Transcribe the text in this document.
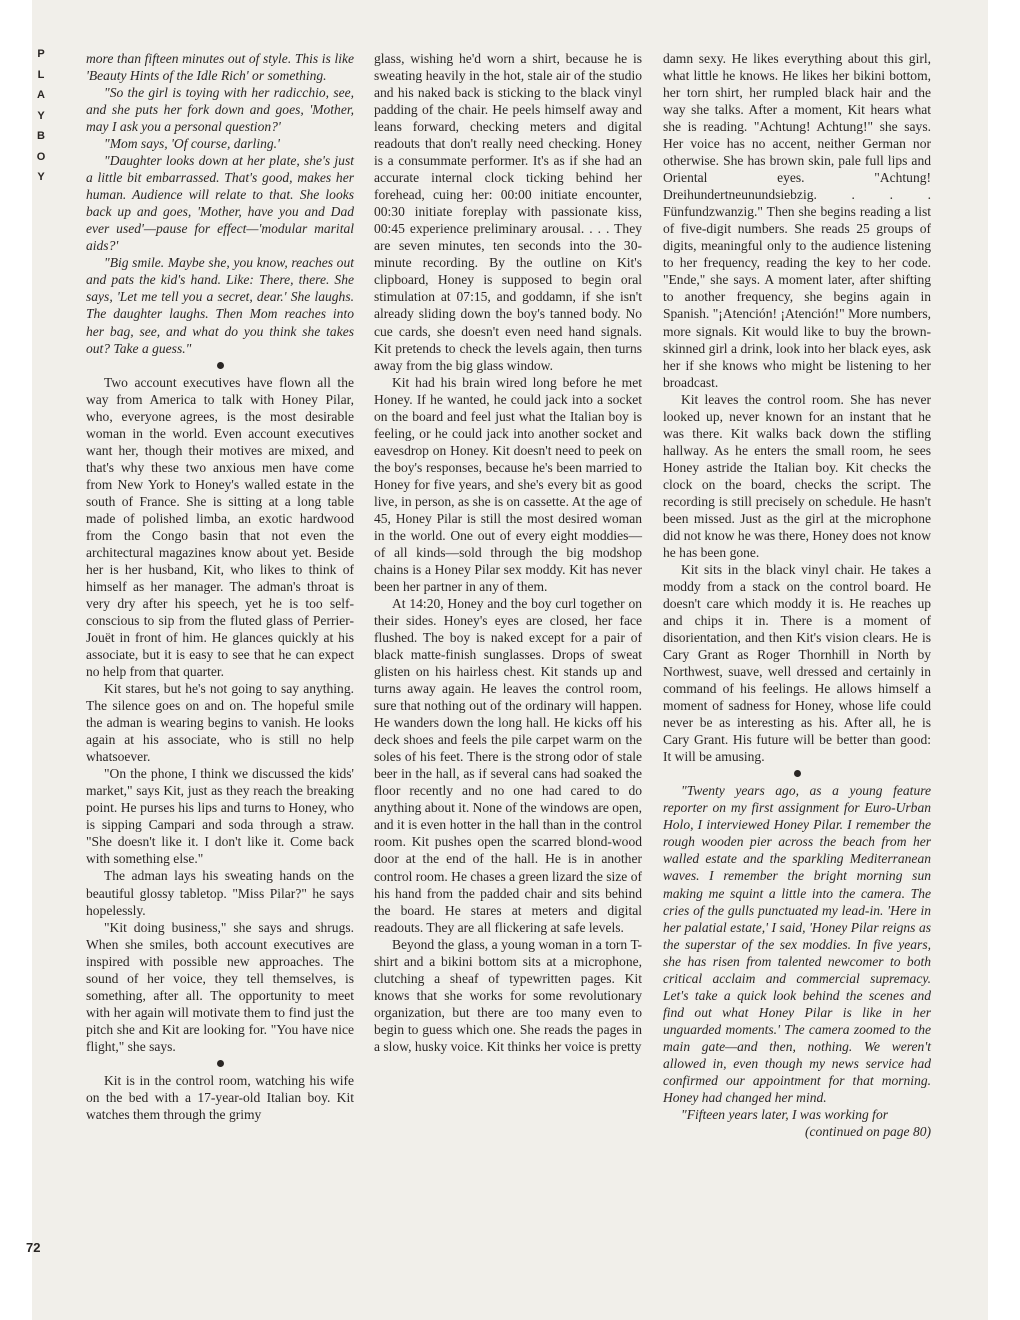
P
L
A
Y
B
O
Y
72

more than fifteen minutes out of style. This is like 'Beauty Hints of the Idle Rich' or something.

"So the girl is toying with her radicchio, see, and she puts her fork down and goes, 'Mother, may I ask you a personal question?'

"Mom says, 'Of course, darling.'

"Daughter looks down at her plate, she's just a little bit embarrassed. That's good, makes her human. Audience will relate to that. She looks back up and goes, 'Mother, have you and Dad ever used'—pause for effect—'modular marital aids?'

"Big smile. Maybe she, you know, reaches out and pats the kid's hand. Like: There, there. She says, 'Let me tell you a secret, dear.' She laughs. The daughter laughs. Then Mom reaches into her bag, see, and what do you think she takes out? Take a guess."

Two account executives have flown all the way from America to talk with Honey Pilar, who, everyone agrees, is the most desirable woman in the world. Even account executives want her, though their motives are mixed, and that's why these two anxious men have come from New York to Honey's walled estate in the south of France. She is sitting at a long table made of polished limba, an exotic hardwood from the Congo basin that not even the architectural magazines know about yet. Beside her is her husband, Kit, who likes to think of himself as her manager. The adman's throat is very dry after his speech, yet he is too self-conscious to sip from the fluted glass of Perrier-Jouët in front of him. He glances quickly at his associate, but it is easy to see that he can expect no help from that quarter.

Kit stares, but he's not going to say anything. The silence goes on and on. The hopeful smile the adman is wearing begins to vanish. He looks again at his associate, who is still no help whatsoever.

"On the phone, I think we discussed the kids' market," says Kit, just as they reach the breaking point. He purses his lips and turns to Honey, who is sipping Campari and soda through a straw. "She doesn't like it. I don't like it. Come back with something else."

The adman lays his sweating hands on the beautiful glossy tabletop. "Miss Pilar?" he says hopelessly.

"Kit doing business," she says and shrugs. When she smiles, both account executives are inspired with possible new approaches. The sound of her voice, they tell themselves, is something, after all. The opportunity to meet with her again will motivate them to find just the pitch she and Kit are looking for. "You have nice flight," she says.

Kit is in the control room, watching his wife on the bed with a 17-year-old Italian boy. Kit watches them through the grimy

glass, wishing he'd worn a shirt, because he is sweating heavily in the hot, stale air of the studio and his naked back is sticking to the black vinyl padding of the chair. He peels himself away and leans forward, checking meters and digital readouts that don't really need checking. Honey is a consummate performer. It's as if she had an accurate internal clock ticking behind her forehead, cuing her: 00:00 initiate encounter, 00:30 initiate foreplay with passionate kiss, 00:45 experience preliminary arousal. . . . They are seven minutes, ten seconds into the 30-minute recording. By the outline on Kit's clipboard, Honey is supposed to begin oral stimulation at 07:15, and goddamn, if she isn't already sliding down the boy's tanned body. No cue cards, she doesn't even need hand signals. Kit pretends to check the levels again, then turns away from the big glass window.

Kit had his brain wired long before he met Honey. If he wanted, he could jack into a socket on the board and feel just what the Italian boy is feeling, or he could jack into another socket and eavesdrop on Honey. Kit doesn't need to peek on the boy's responses, because he's been married to Honey for five years, and she's every bit as good live, in person, as she is on cassette. At the age of 45, Honey Pilar is still the most desired woman in the world. One out of every eight moddies—of all kinds—sold through the big modshop chains is a Honey Pilar sex moddy. Kit has never been her partner in any of them.

At 14:20, Honey and the boy curl together on their sides. Honey's eyes are closed, her face flushed. The boy is naked except for a pair of black matte-finish sunglasses. Drops of sweat glisten on his hairless chest. Kit stands up and turns away again. He leaves the control room, sure that nothing out of the ordinary will happen. He wanders down the long hall. He kicks off his deck shoes and feels the pile carpet warm on the soles of his feet. There is the strong odor of stale beer in the hall, as if several cans had soaked the floor recently and no one had cared to do anything about it. None of the windows are open, and it is even hotter in the hall than in the control room. Kit pushes open the scarred blond-wood door at the end of the hall. He is in another control room. He chases a green lizard the size of his hand from the padded chair and sits behind the board. He stares at meters and digital readouts. They are all flickering at safe levels.

Beyond the glass, a young woman in a torn T-shirt and a bikini bottom sits at a microphone, clutching a sheaf of typewritten pages. Kit knows that she works for some revolutionary organization, but there are too many even to begin to guess which one. She reads the pages in a slow, husky voice. Kit thinks her voice is pretty

damn sexy. He likes everything about this girl, what little he knows. He likes her bikini bottom, her torn shirt, her rumpled black hair and the way she talks. After a moment, Kit hears what she is reading. "Achtung! Achtung!" she says. Her voice has no accent, neither German nor otherwise. She has brown skin, pale full lips and Oriental eyes. "Achtung! Dreihundertneunundsiebzig. . . . Fünfundzwanzig." Then she begins reading a list of five-digit numbers. She reads 25 groups of digits, meaningful only to the audience listening to her frequency, reading the key to her code. "Ende," she says. A moment later, after shifting to another frequency, she begins again in Spanish. "¡Atención! ¡Atención!" More numbers, more signals. Kit would like to buy the brown-skinned girl a drink, look into her black eyes, ask her if she knows who might be listening to her broadcast.

Kit leaves the control room. She has never looked up, never known for an instant that he was there. Kit walks back down the stifling hallway. As he enters the small room, he sees Honey astride the Italian boy. Kit checks the clock on the board, checks the script. The recording is still precisely on schedule. He hasn't been missed. Just as the girl at the microphone did not know he was there, Honey does not know he has been gone.

Kit sits in the black vinyl chair. He takes a moddy from a stack on the control board. He doesn't care which moddy it is. He reaches up and chips it in. There is a moment of disorientation, and then Kit's vision clears. He is Cary Grant as Roger Thornhill in North by Northwest, suave, well dressed and certainly in command of his feelings. He allows himself a moment of sadness for Honey, whose life could never be as interesting as his. After all, he is Cary Grant. His future will be better than good: It will be amusing.

"Twenty years ago, as a young feature reporter on my first assignment for Euro-Urban Holo, I interviewed Honey Pilar. I remember the rough wooden pier across the beach from her walled estate and the sparkling Mediterranean waves. I remember the bright morning sun making me squint a little into the camera. The cries of the gulls punctuated my lead-in. 'Here in her palatial estate,' I said, 'Honey Pilar reigns as the superstar of the sex moddies. In five years, she has risen from talented newcomer to both critical acclaim and commercial supremacy. Let's take a quick look behind the scenes and find out what Honey Pilar is like in her unguarded moments.' The camera zoomed to the main gate—and then, nothing. We weren't allowed in, even though my news service had confirmed our appointment for that morning. Honey had changed her mind.

"Fifteen years later, I was working for

(continued on page 80)
